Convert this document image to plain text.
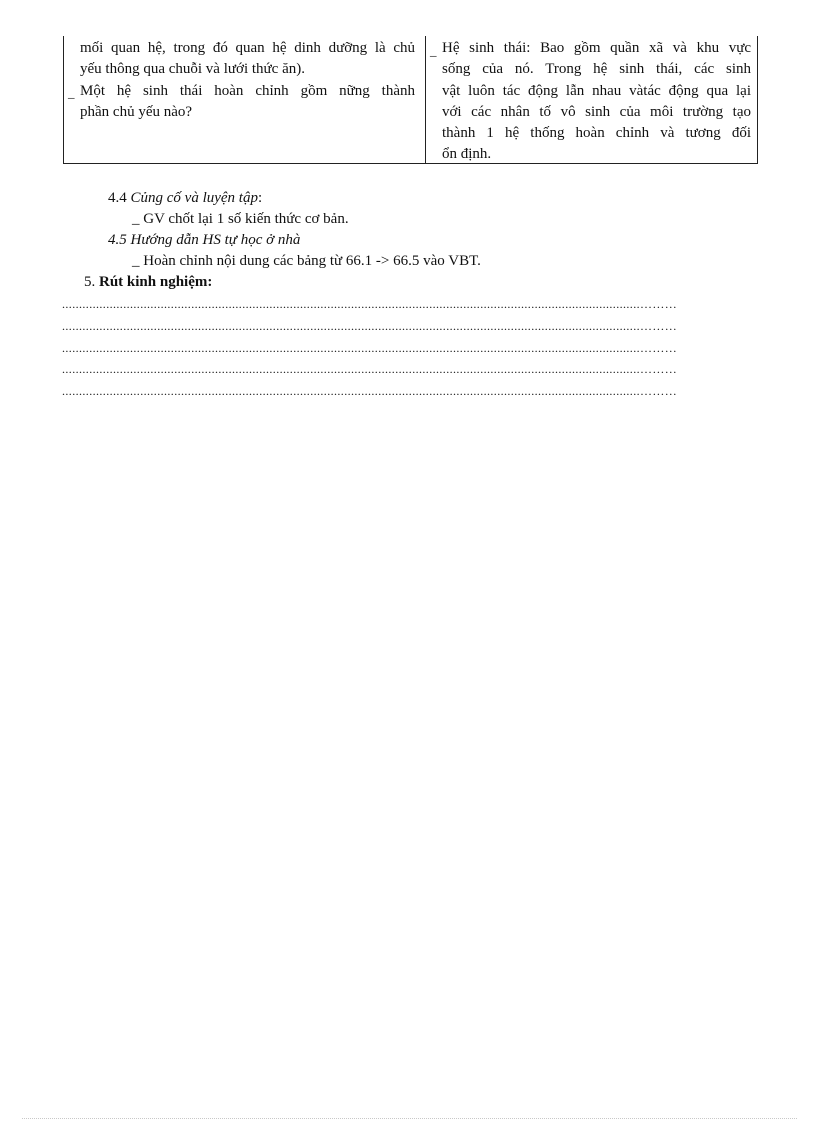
mối quan hệ, trong đó quan hệ dinh dưỡng là chủ
yếu thông qua chuỗi và lưới thức ăn).
_ Một hệ sinh thái hoàn chỉnh gồm nững thành
phần chủ yếu nào?
_ Hệ sinh thái: Bao gồm quần xã và khu vực
sống của nó. Trong hệ sinh thái, các sinh
vật luôn tác động lẫn nhau vàtác động qua lại
với các nhân tố vô sinh của môi trường tạo
thành 1 hệ thống hoàn chỉnh và tương đối
ổn định.
4.4 Củng cố và luyện tập:
_ GV chốt lại 1 số kiến thức cơ bản.
4.5 Hướng dẫn HS tự học ở nhà
_ Hoàn chỉnh nội dung các bảng từ 66.1 -> 66.5 vào VBT.
5. Rút kinh nghiệm:
..........................................................................................................................................................................………
..........................................................................................................................................................................………
..........................................................................................................................................................................………
..........................................................................................................................................................................………
..........................................................................................................................................................................………
